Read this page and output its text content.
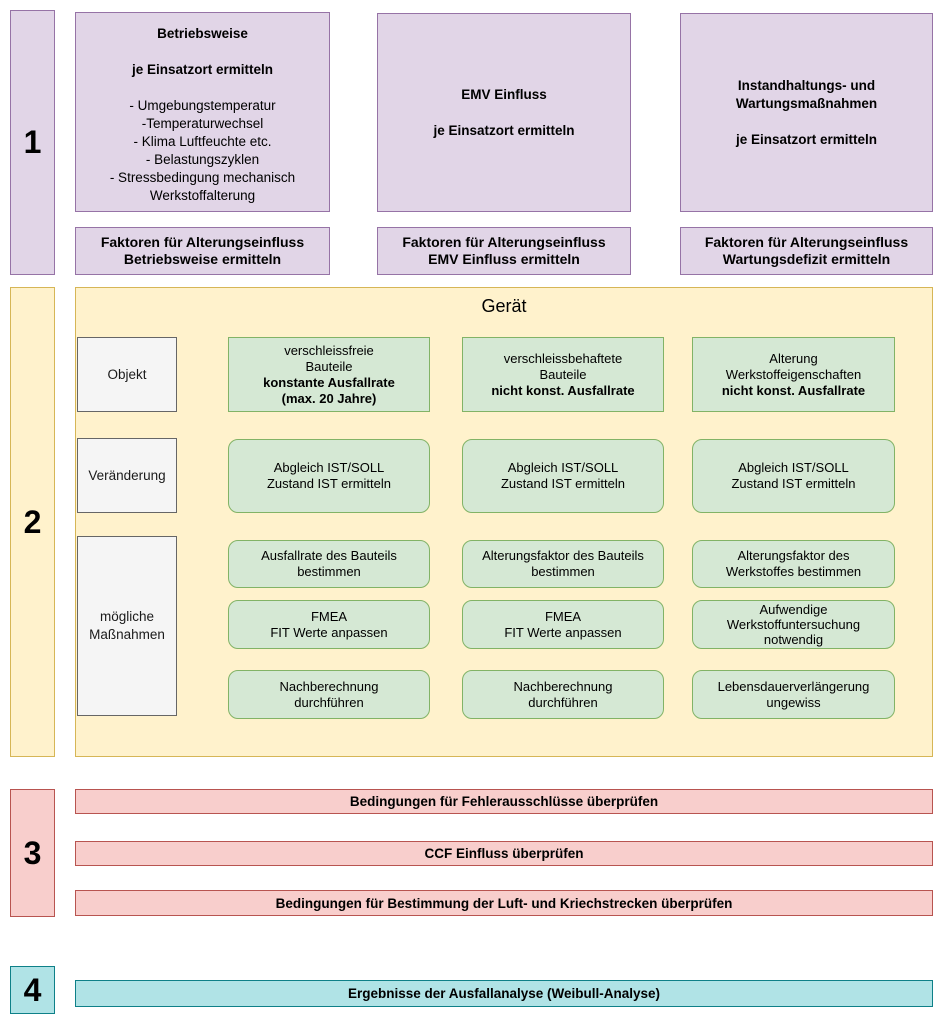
1
Betriebsweise

je Einsatzort ermitteln

- Umgebungstemperatur
-Temperaturwechsel
- Klima Luftfeuchte etc.
- Belastungszyklen
- Stressbedingung mechanisch
Werkstoffalterung
EMV Einfluss

je Einsatzort ermitteln
Instandhaltungs- und
Wartungsmaßnahmen

je Einsatzort ermitteln
Faktoren für Alterungseinfluss
Betriebsweise ermitteln
Faktoren für Alterungseinfluss
EMV Einfluss ermitteln
Faktoren für Alterungseinfluss
Wartungsdefizit ermitteln
2
Gerät
Objekt
Veränderung
mögliche Maßnahmen
verschleissfreie
Bauteile
konstante Ausfallrate
(max. 20 Jahre)
verschleissbehaftete
Bauteile
nicht konst. Ausfallrate
Alterung
Werkstoffeigenschaften
nicht konst. Ausfallrate
Abgleich IST/SOLL
Zustand IST ermitteln
Abgleich IST/SOLL
Zustand IST ermitteln
Abgleich IST/SOLL
Zustand IST ermitteln
Ausfallrate des Bauteils
bestimmen
Alterungsfaktor des Bauteils
bestimmen
Alterungsfaktor des
Werkstoffes bestimmen
FMEA
FIT Werte anpassen
FMEA
FIT Werte anpassen
Aufwendige
Werkstoffuntersuchung
notwendig
Nachberechnung
durchführen
Nachberechnung
durchführen
Lebensdauerverlängerung
ungewiss
3
Bedingungen für Fehlerausschlüsse überprüfen
CCF Einfluss überprüfen
Bedingungen für Bestimmung der Luft- und Kriechstrecken überprüfen
4	Ergebnisse der Ausfallanalyse (Weibull-Analyse)
